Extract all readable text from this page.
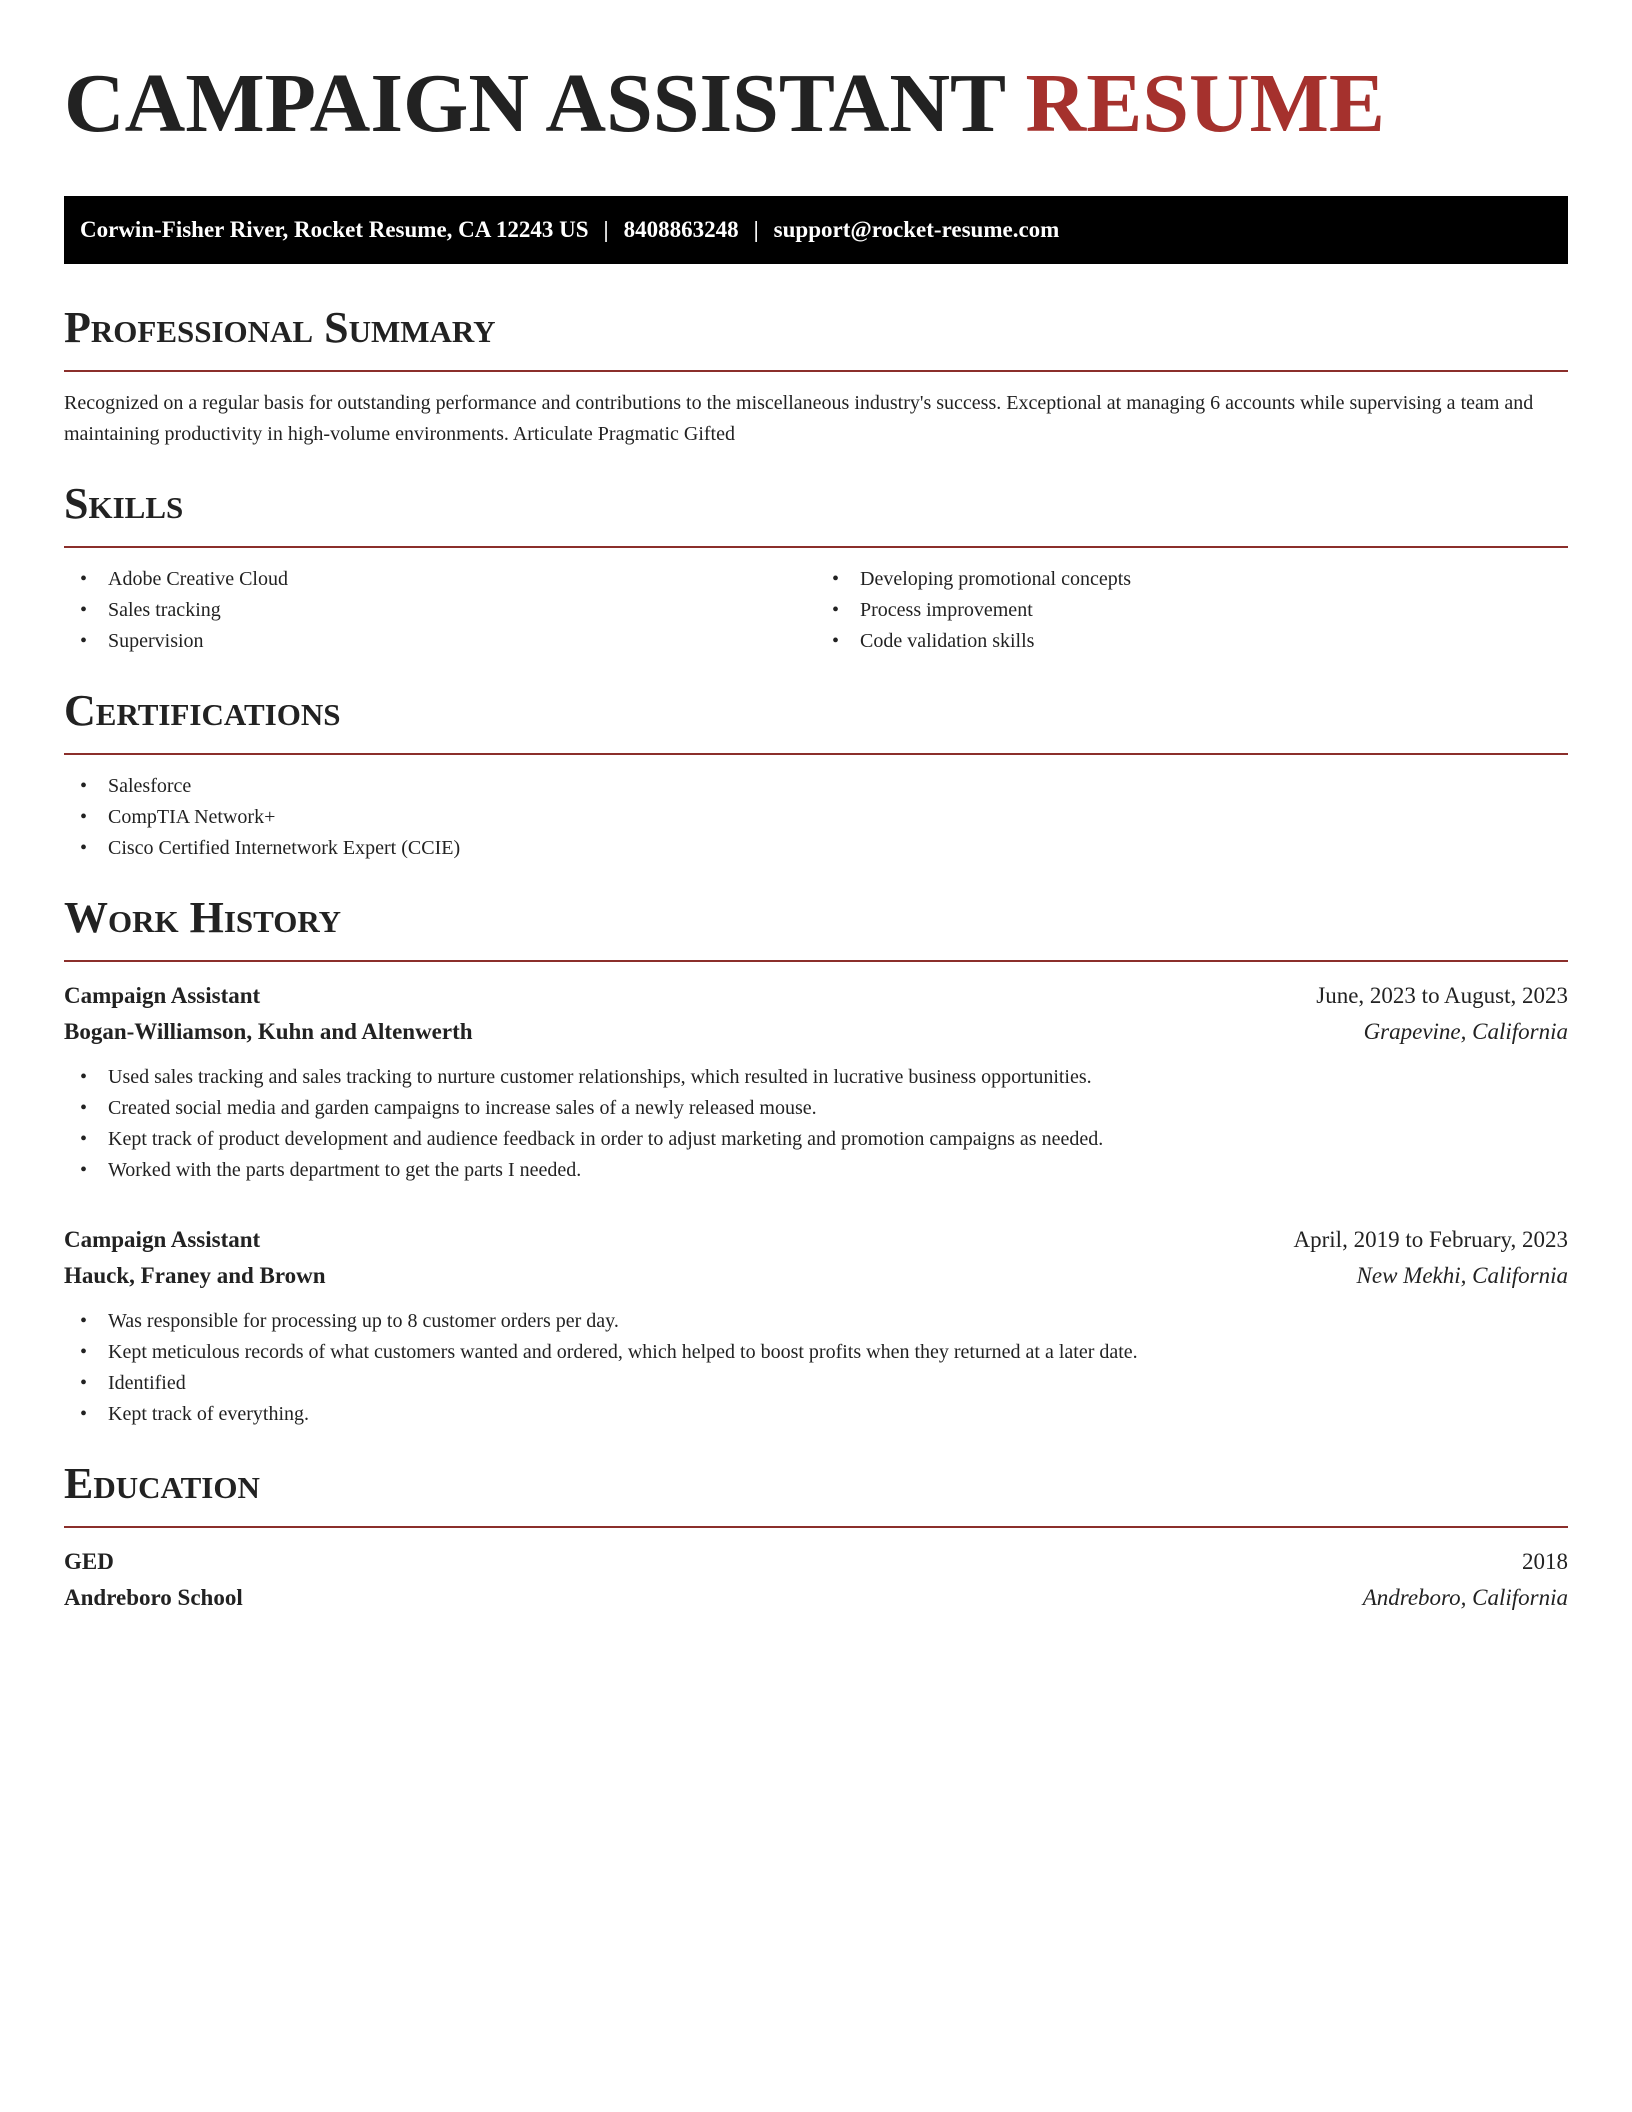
CAMPAIGN ASSISTANT RESUME
Corwin-Fisher River, Rocket Resume, CA 12243 US | 8408863248 | support@rocket-resume.com
Professional Summary

Recognized on a regular basis for outstanding performance and contributions to the miscellaneous industry's success. Exceptional at managing 6 accounts while supervising a team and maintaining productivity in high-volume environments. Articulate Pragmatic Gifted

Skills
• Adobe Creative Cloud
• Sales tracking
• Supervision
• Developing promotional concepts
• Process improvement
• Code validation skills
Certifications
• Salesforce
• CompTIA Network+
• Cisco Certified Internetwork Expert (CCIE)
Work History
Campaign Assistant	June, 2023 to August, 2023
Bogan-Williamson, Kuhn and Altenwerth	Grapevine, California
• Used sales tracking and sales tracking to nurture customer relationships, which resulted in lucrative business opportunities.
• Created social media and garden campaigns to increase sales of a newly released mouse.
• Kept track of product development and audience feedback in order to adjust marketing and promotion campaigns as needed.
• Worked with the parts department to get the parts I needed.
Campaign Assistant	April, 2019 to February, 2023
Hauck, Franey and Brown	New Mekhi, California
• Was responsible for processing up to 8 customer orders per day.
• Kept meticulous records of what customers wanted and ordered, which helped to boost profits when they returned at a later date.
• Identified
• Kept track of everything.
Education
GED	2018
Andreboro School	Andreboro, California
